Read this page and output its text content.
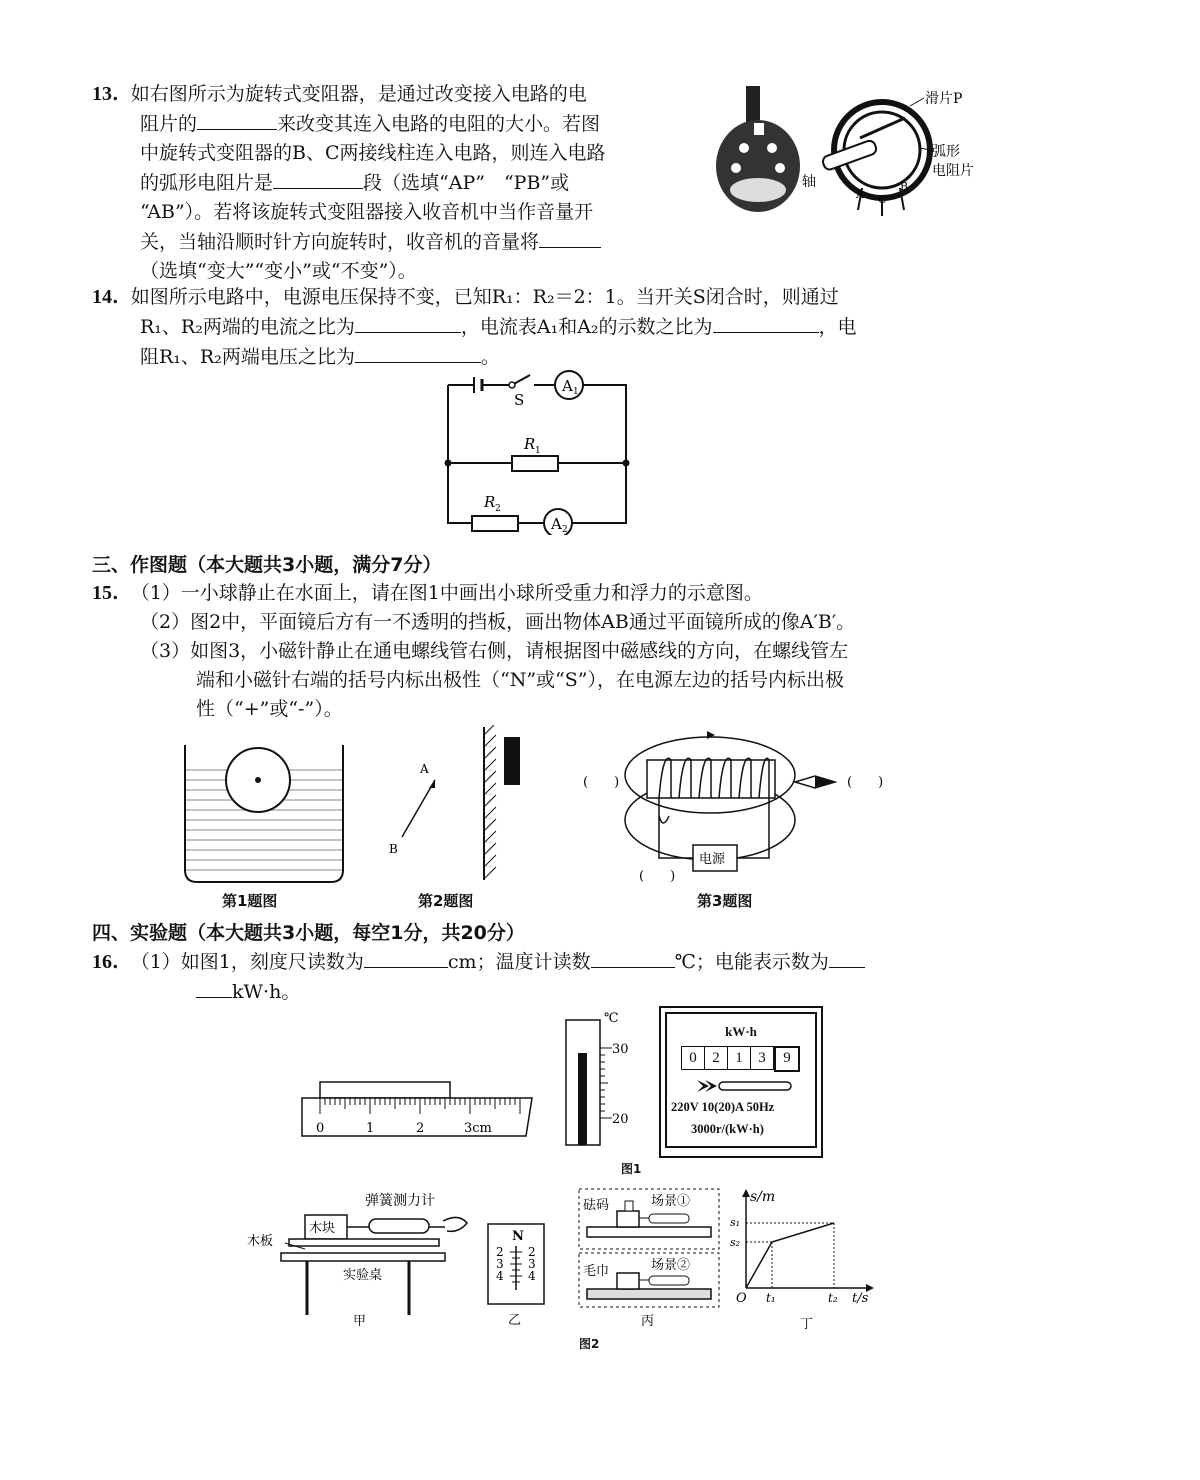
13. 如右图所示为旋转式变阻器，是通过改变接入电路的电
阻片的	来改变其连入电路的电阻的大小。若图
中旋转式变阻器的B、C两接线柱连入电路，则连入电路
的弧形电阻片是	段（选填“AP”　“PB”或
“AB”）。若将该旋转式变阻器接入收音机中当作音量开
关，当轴沿顺时针方向旋转时，收音机的音量将
（选填“变大”“变小”或“不变”）。
滑片P
弧形
电阻片
轴
A C
B
14. 如图所示电路中，电源电压保持不变，已知R₁：R₂＝2：1。当开关S闭合时，则通过
R₁、R₂两端的电流之比为	，电流表A₁和A₂的示数之比为	，电
阻R₁、R₂两端电压之比为	。
S
A 1
A 2
R 1
R 2
三、作图题（本大题共3小题，满分7分）
15. （1）一小球静止在水面上，请在图1中画出小球所受重力和浮力的示意图。
（2）图2中，平面镜后方有一不透明的挡板，画出物体AB通过平面镜所成的像A′B′。
（3）如图3，小磁针静止在通电螺线管右侧，请根据图中磁感线的方向，在螺线管左
端和小磁针右端的括号内标出极性（“N”或“S”），在电源左边的括号内标出极
性（“+”或“-”）。
第1题图
A
B
第2题图
电源
(　　)	(　　)
(　　)
第3题图
四、实验题（本大题共3小题，每空1分，共20分）
16. （1）如图1，刻度尺读数为	cm；温度计读数	℃；电能表示数为
kW·h。
0	1	2	3cm
℃
30
20
kW·h
0	2	1	3	9
220V 10(20)A 50Hz
3000r/(kW·h)
图1
弹簧测力计
木块
木板
实验桌
甲
N
2
3
4
2
3
4
乙
砝码	场景①
毛巾	场景②
丙
s/m
s₁
s₂
O t₁	t₂ t/s
丁
图2
